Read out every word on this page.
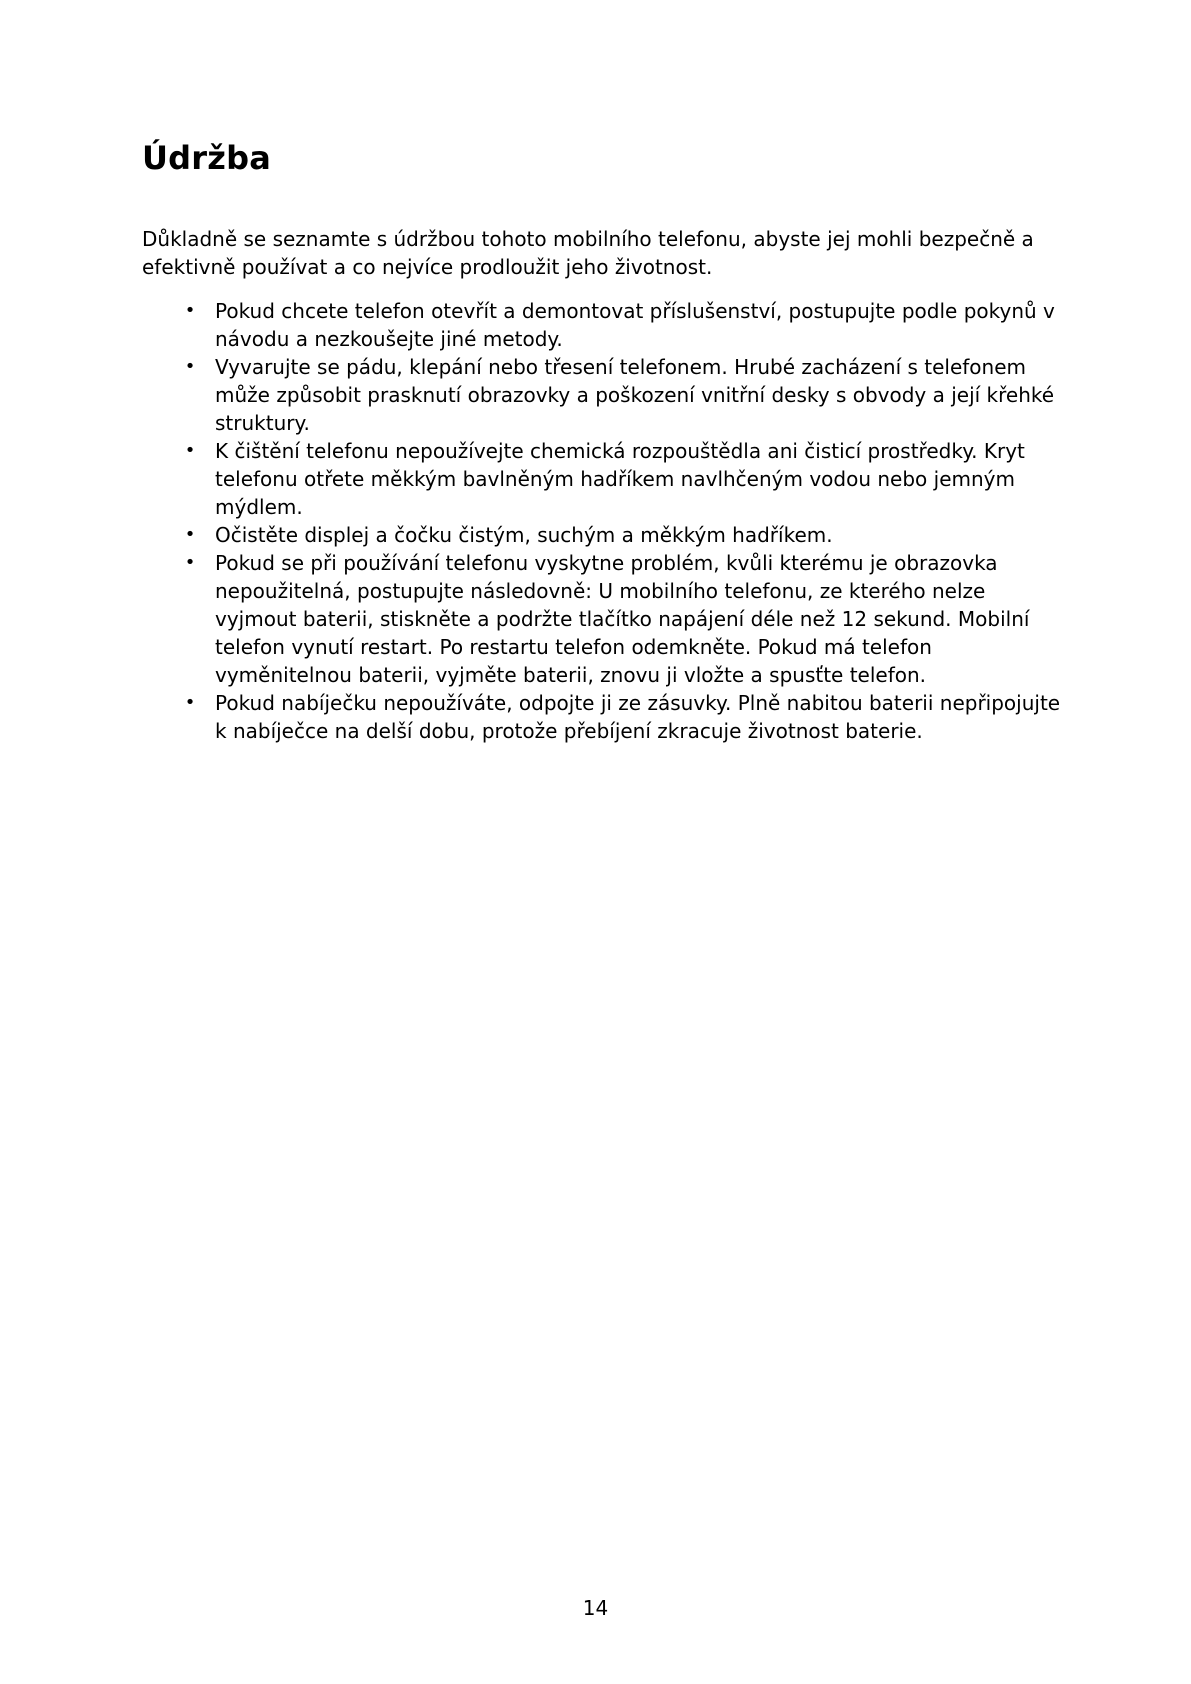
Údržba

Důkladně se seznamte s údržbou tohoto mobilního telefonu, abyste jej mohli bezpečně a efektivně používat a co nejvíce prodloužit jeho životnost.

• Pokud chcete telefon otevřít a demontovat příslušenství, postupujte podle pokynů v návodu a nezkoušejte jiné metody.
• Vyvarujte se pádu, klepání nebo třesení telefonem. Hrubé zacházení s telefonem může způsobit prasknutí obrazovky a poškození vnitřní desky s obvody a její křehké struktury.
• K čištění telefonu nepoužívejte chemická rozpouštědla ani čisticí prostředky. Kryt telefonu otřete měkkým bavlněným hadříkem navlhčeným vodou nebo jemným mýdlem.
• Očistěte displej a čočku čistým, suchým a měkkým hadříkem.
• Pokud se při používání telefonu vyskytne problém, kvůli kterému je obrazovka nepoužitelná, postupujte následovně: U mobilního telefonu, ze kterého nelze vyjmout baterii, stiskněte a podržte tlačítko napájení déle než 12 sekund. Mobilní telefon vynutí restart. Po restartu telefon odemkněte. Pokud má telefon vyměnitelnou baterii, vyjměte baterii, znovu ji vložte a spusťte telefon.
• Pokud nabíječku nepoužíváte, odpojte ji ze zásuvky. Plně nabitou baterii nepřipojujte k nabíječce na delší dobu, protože přebíjení zkracuje životnost baterie.
14
